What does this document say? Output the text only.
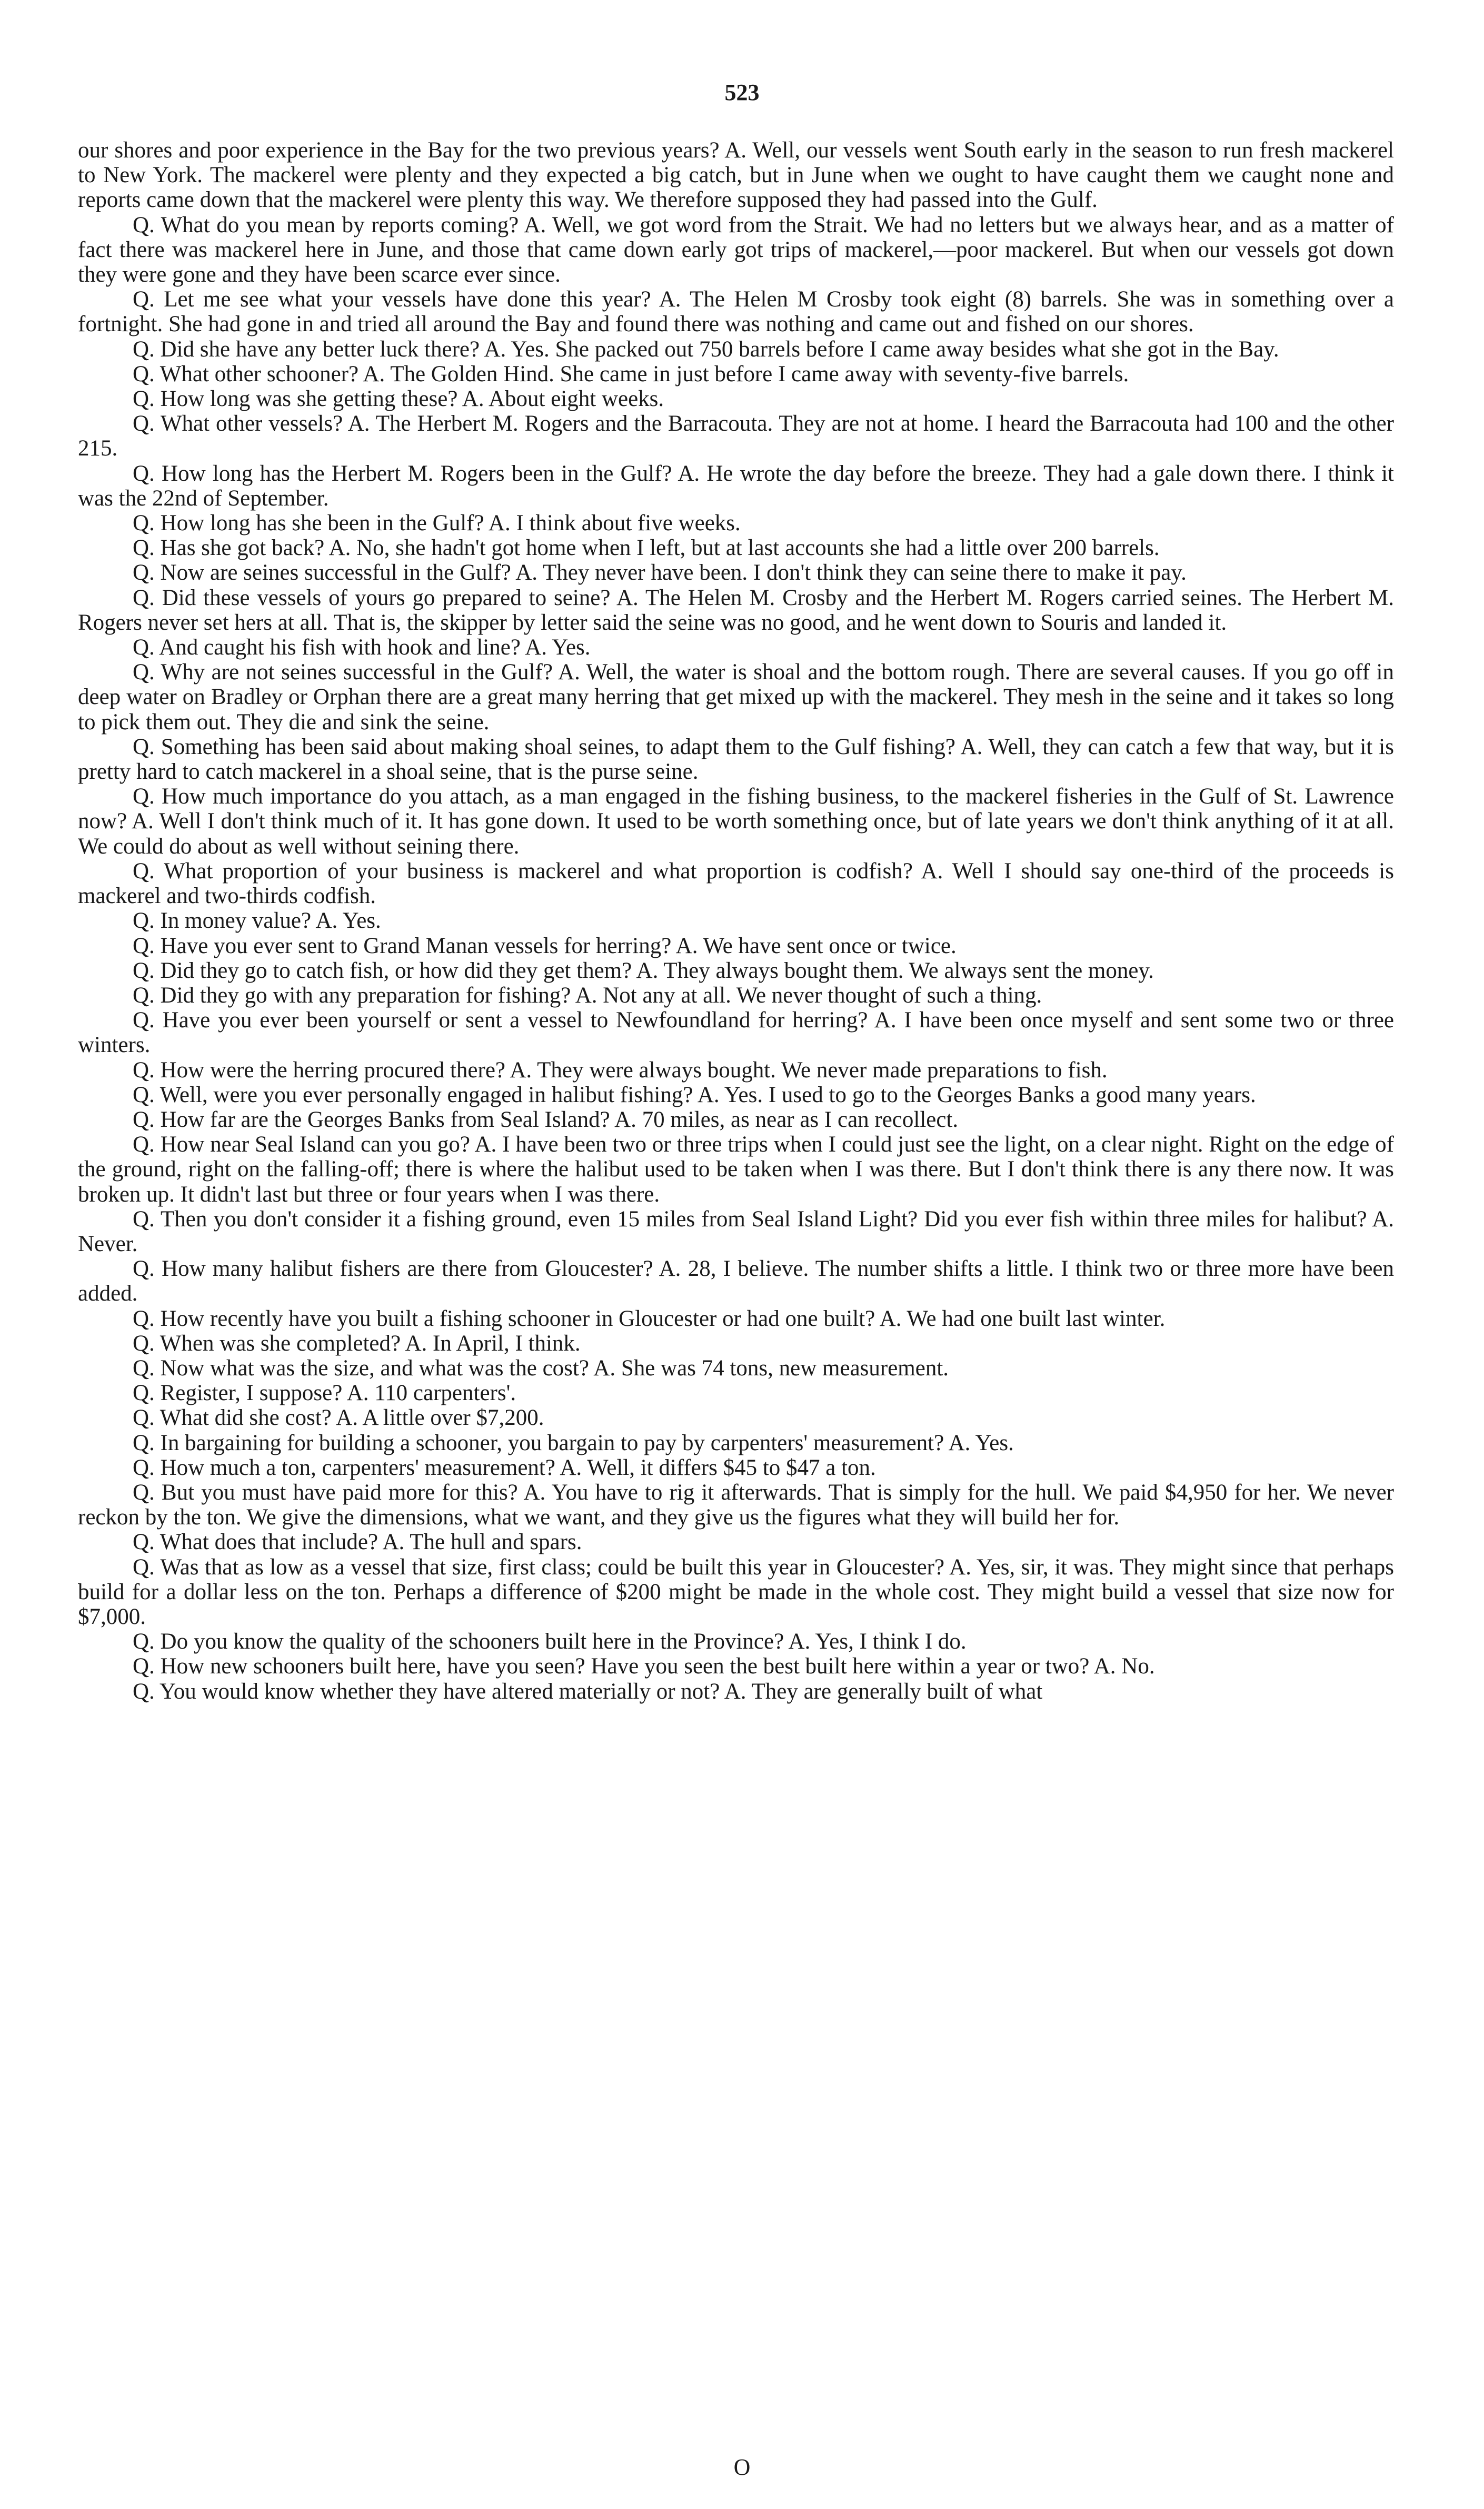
523

our shores and poor experience in the Bay for the two previous years? A. Well, our vessels went South early in the season to run fresh mackerel to New York. The mackerel were plenty and they expected a big catch, but in June when we ought to have caught them we caught none and reports came down that the mackerel were plenty this way. We therefore supposed they had passed into the Gulf.

Q. What do you mean by reports coming? A. Well, we got word from the Strait. We had no letters but we always hear, and as a matter of fact there was mackerel here in June, and those that came down early got trips of mackerel,—poor mackerel. But when our vessels got down they were gone and they have been scarce ever since.

Q. Let me see what your vessels have done this year? A. The Helen M Crosby took eight (8) barrels. She was in something over a fortnight. She had gone in and tried all around the Bay and found there was nothing and came out and fished on our shores.

Q. Did she have any better luck there? A. Yes. She packed out 750 barrels before I came away besides what she got in the Bay.

Q. What other schooner? A. The Golden Hind. She came in just before I came away with seventy-five barrels.

Q. How long was she getting these? A. About eight weeks.

Q. What other vessels? A. The Herbert M. Rogers and the Barracouta. They are not at home. I heard the Barracouta had 100 and the other 215.

Q. How long has the Herbert M. Rogers been in the Gulf? A. He wrote the day before the breeze. They had a gale down there. I think it was the 22nd of September.

Q. How long has she been in the Gulf? A. I think about five weeks.

Q. Has she got back? A. No, she hadn't got home when I left, but at last accounts she had a little over 200 barrels.

Q. Now are seines successful in the Gulf? A. They never have been. I don't think they can seine there to make it pay.

Q. Did these vessels of yours go prepared to seine? A. The Helen M. Crosby and the Herbert M. Rogers carried seines. The Herbert M. Rogers never set hers at all. That is, the skipper by letter said the seine was no good, and he went down to Souris and landed it.

Q. And caught his fish with hook and line? A. Yes.

Q. Why are not seines successful in the Gulf? A. Well, the water is shoal and the bottom rough. There are several causes. If you go off in deep water on Bradley or Orphan there are a great many herring that get mixed up with the mackerel. They mesh in the seine and it takes so long to pick them out. They die and sink the seine.

Q. Something has been said about making shoal seines, to adapt them to the Gulf fishing? A. Well, they can catch a few that way, but it is pretty hard to catch mackerel in a shoal seine, that is the purse seine.

Q. How much importance do you attach, as a man engaged in the fishing business, to the mackerel fisheries in the Gulf of St. Lawrence now? A. Well I don't think much of it. It has gone down. It used to be worth something once, but of late years we don't think anything of it at all. We could do about as well without seining there.

Q. What proportion of your business is mackerel and what proportion is codfish? A. Well I should say one-third of the proceeds is mackerel and two-thirds codfish.

Q. In money value? A. Yes.

Q. Have you ever sent to Grand Manan vessels for herring? A. We have sent once or twice.

Q. Did they go to catch fish, or how did they get them? A. They always bought them. We always sent the money.

Q. Did they go with any preparation for fishing? A. Not any at all. We never thought of such a thing.

Q. Have you ever been yourself or sent a vessel to Newfoundland for herring? A. I have been once myself and sent some two or three winters.

Q. How were the herring procured there? A. They were always bought. We never made preparations to fish.

Q. Well, were you ever personally engaged in halibut fishing? A. Yes. I used to go to the Georges Banks a good many years.

Q. How far are the Georges Banks from Seal Island? A. 70 miles, as near as I can recollect.

Q. How near Seal Island can you go? A. I have been two or three trips when I could just see the light, on a clear night. Right on the edge of the ground, right on the falling-off; there is where the halibut used to be taken when I was there. But I don't think there is any there now. It was broken up. It didn't last but three or four years when I was there.

Q. Then you don't consider it a fishing ground, even 15 miles from Seal Island Light? Did you ever fish within three miles for halibut? A. Never.

Q. How many halibut fishers are there from Gloucester? A. 28, I believe. The number shifts a little. I think two or three more have been added.

Q. How recently have you built a fishing schooner in Gloucester or had one built? A. We had one built last winter.

Q. When was she completed? A. In April, I think.

Q. Now what was the size, and what was the cost? A. She was 74 tons, new measurement.

Q. Register, I suppose? A. 110 carpenters'.

Q. What did she cost? A. A little over $7,200.

Q. In bargaining for building a schooner, you bargain to pay by carpenters' measurement? A. Yes.

Q. How much a ton, carpenters' measurement? A. Well, it differs $45 to $47 a ton.

Q. But you must have paid more for this? A. You have to rig it afterwards. That is simply for the hull. We paid $4,950 for her. We never reckon by the ton. We give the dimensions, what we want, and they give us the figures what they will build her for.

Q. What does that include? A. The hull and spars.

Q. Was that as low as a vessel that size, first class; could be built this year in Gloucester? A. Yes, sir, it was. They might since that perhaps build for a dollar less on the ton. Perhaps a difference of $200 might be made in the whole cost. They might build a vessel that size now for $7,000.

Q. Do you know the quality of the schooners built here in the Province? A. Yes, I think I do.

Q. How new schooners built here, have you seen? Have you seen the best built here within a year or two? A. No.

Q. You would know whether they have altered materially or not? A. They are generally built of what

O
